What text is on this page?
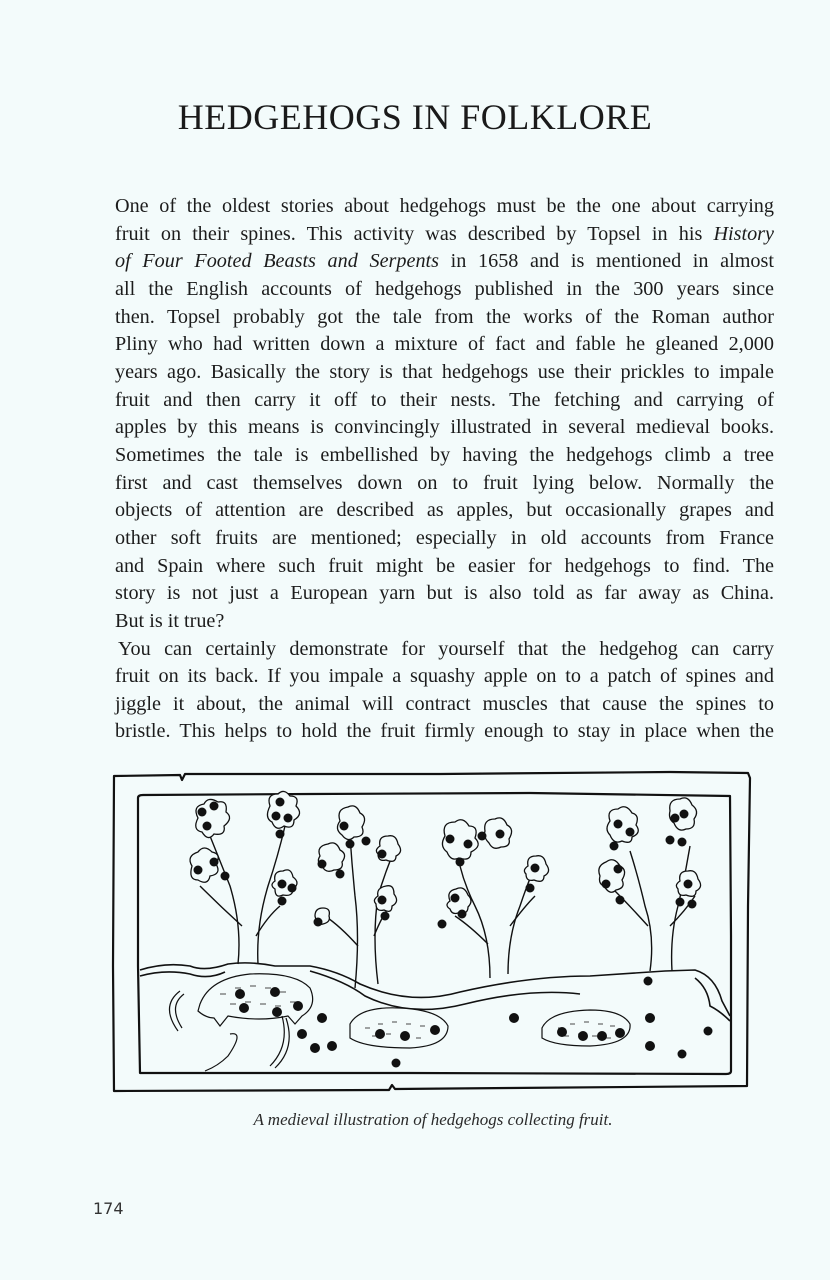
HEDGEHOGS IN FOLKLORE
One of the oldest stories about hedgehogs must be the one about carrying
fruit on their spines. This activity was described by Topsel in his History
of Four Footed Beasts and Serpents in 1658 and is mentioned in almost
all the English accounts of hedgehogs published in the 300 years since
then. Topsel probably got the tale from the works of the Roman author
Pliny who had written down a mixture of fact and fable he gleaned 2,000
years ago. Basically the story is that hedgehogs use their prickles to impale
fruit and then carry it off to their nests. The fetching and carrying of
apples by this means is convincingly illustrated in several medieval books.
Sometimes the tale is embellished by having the hedgehogs climb a tree
first and cast themselves down on to fruit lying below. Normally the
objects of attention are described as apples, but occasionally grapes and
other soft fruits are mentioned; especially in old accounts from France
and Spain where such fruit might be easier for hedgehogs to find. The
story is not just a European yarn but is also told as far away as China.
But is it true?
You can certainly demonstrate for yourself that the hedgehog can carry
fruit on its back. If you impale a squashy apple on to a patch of spines and
jiggle it about, the animal will contract muscles that cause the spines to
bristle. This helps to hold the fruit firmly enough to stay in place when the
A medieval illustration of hedgehogs collecting fruit.
174
